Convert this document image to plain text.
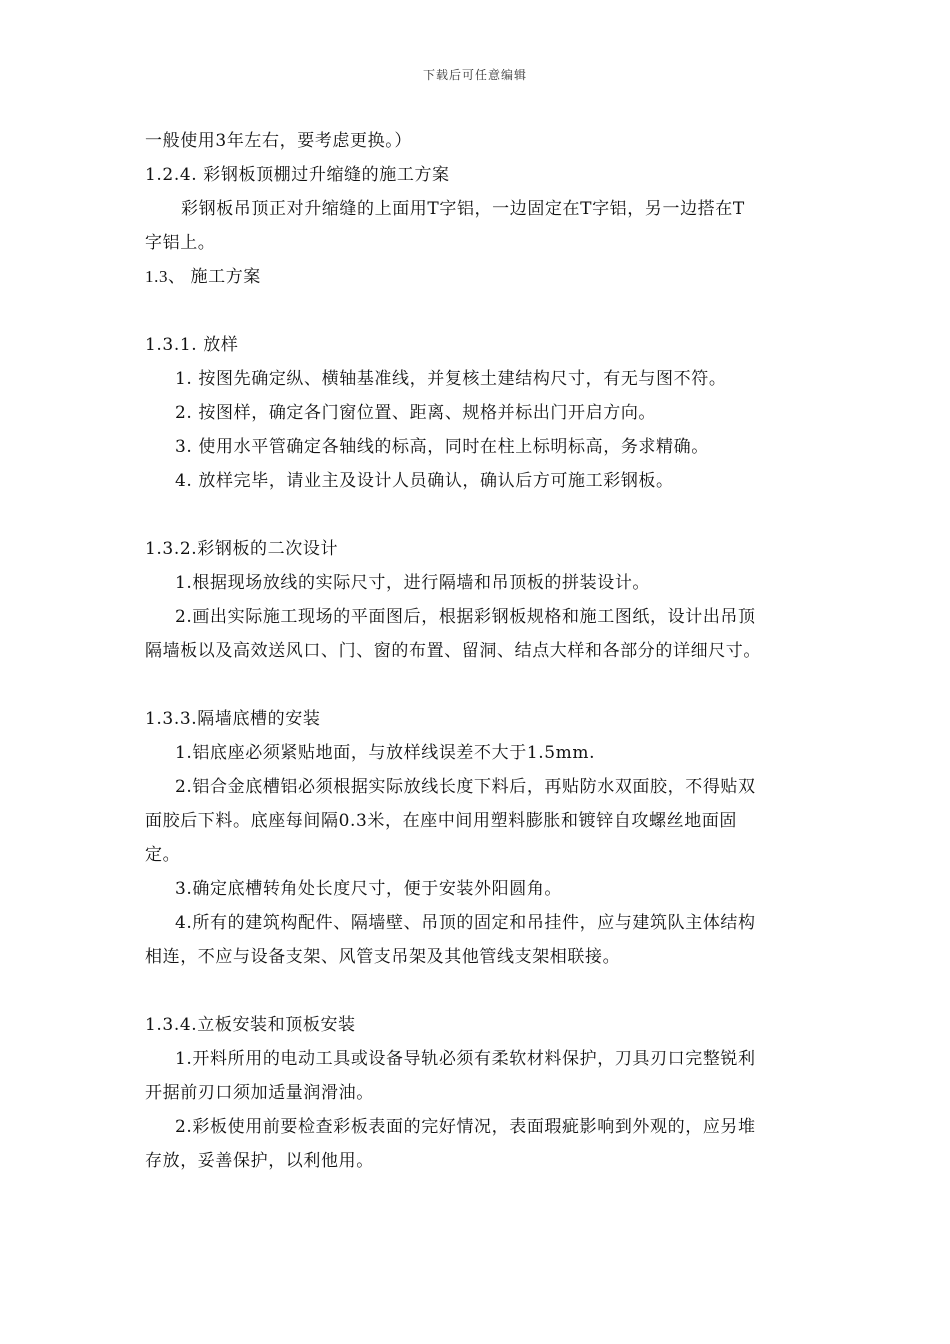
下载后可任意编辑
一般使用3年左右，要考虑更换。）
1.2.4. 彩钢板顶棚过升缩缝的施工方案
彩钢板吊顶正对升缩缝的上面用T字铝，一边固定在T字铝，另一边搭在T
字铝上。
1.3、 施工方案
1.3.1. 放样
1. 按图先确定纵、横轴基准线，并复核土建结构尺寸，有无与图不符。
2. 按图样，确定各门窗位置、距离、规格并标出门开启方向。
3. 使用水平管确定各轴线的标高，同时在柱上标明标高，务求精确。
4. 放样完毕，请业主及设计人员确认，确认后方可施工彩钢板。
1.3.2.彩钢板的二次设计
1.根据现场放线的实际尺寸，进行隔墙和吊顶板的拼装设计。
2.画出实际施工现场的平面图后，根据彩钢板规格和施工图纸，设计出吊顶
隔墙板以及高效送风口、门、窗的布置、留洞、结点大样和各部分的详细尺寸。
1.3.3.隔墙底槽的安装
1.铝底座必须紧贴地面，与放样线误差不大于1.5mm.
2.铝合金底槽铝必须根据实际放线长度下料后，再贴防水双面胶，不得贴双
面胶后下料。底座每间隔0.3米，在座中间用塑料膨胀和镀锌自攻螺丝地面固
定。
3.确定底槽转角处长度尺寸，便于安装外阳圆角。
4.所有的建筑构配件、隔墙壁、吊顶的固定和吊挂件，应与建筑队主体结构
相连，不应与设备支架、风管支吊架及其他管线支架相联接。
1.3.4.立板安装和顶板安装
1.开料所用的电动工具或设备导轨必须有柔软材料保护，刀具刃口完整锐利
开据前刃口须加适量润滑油。
2.彩板使用前要检查彩板表面的完好情况，表面瑕疵影响到外观的，应另堆
存放，妥善保护，以利他用。
